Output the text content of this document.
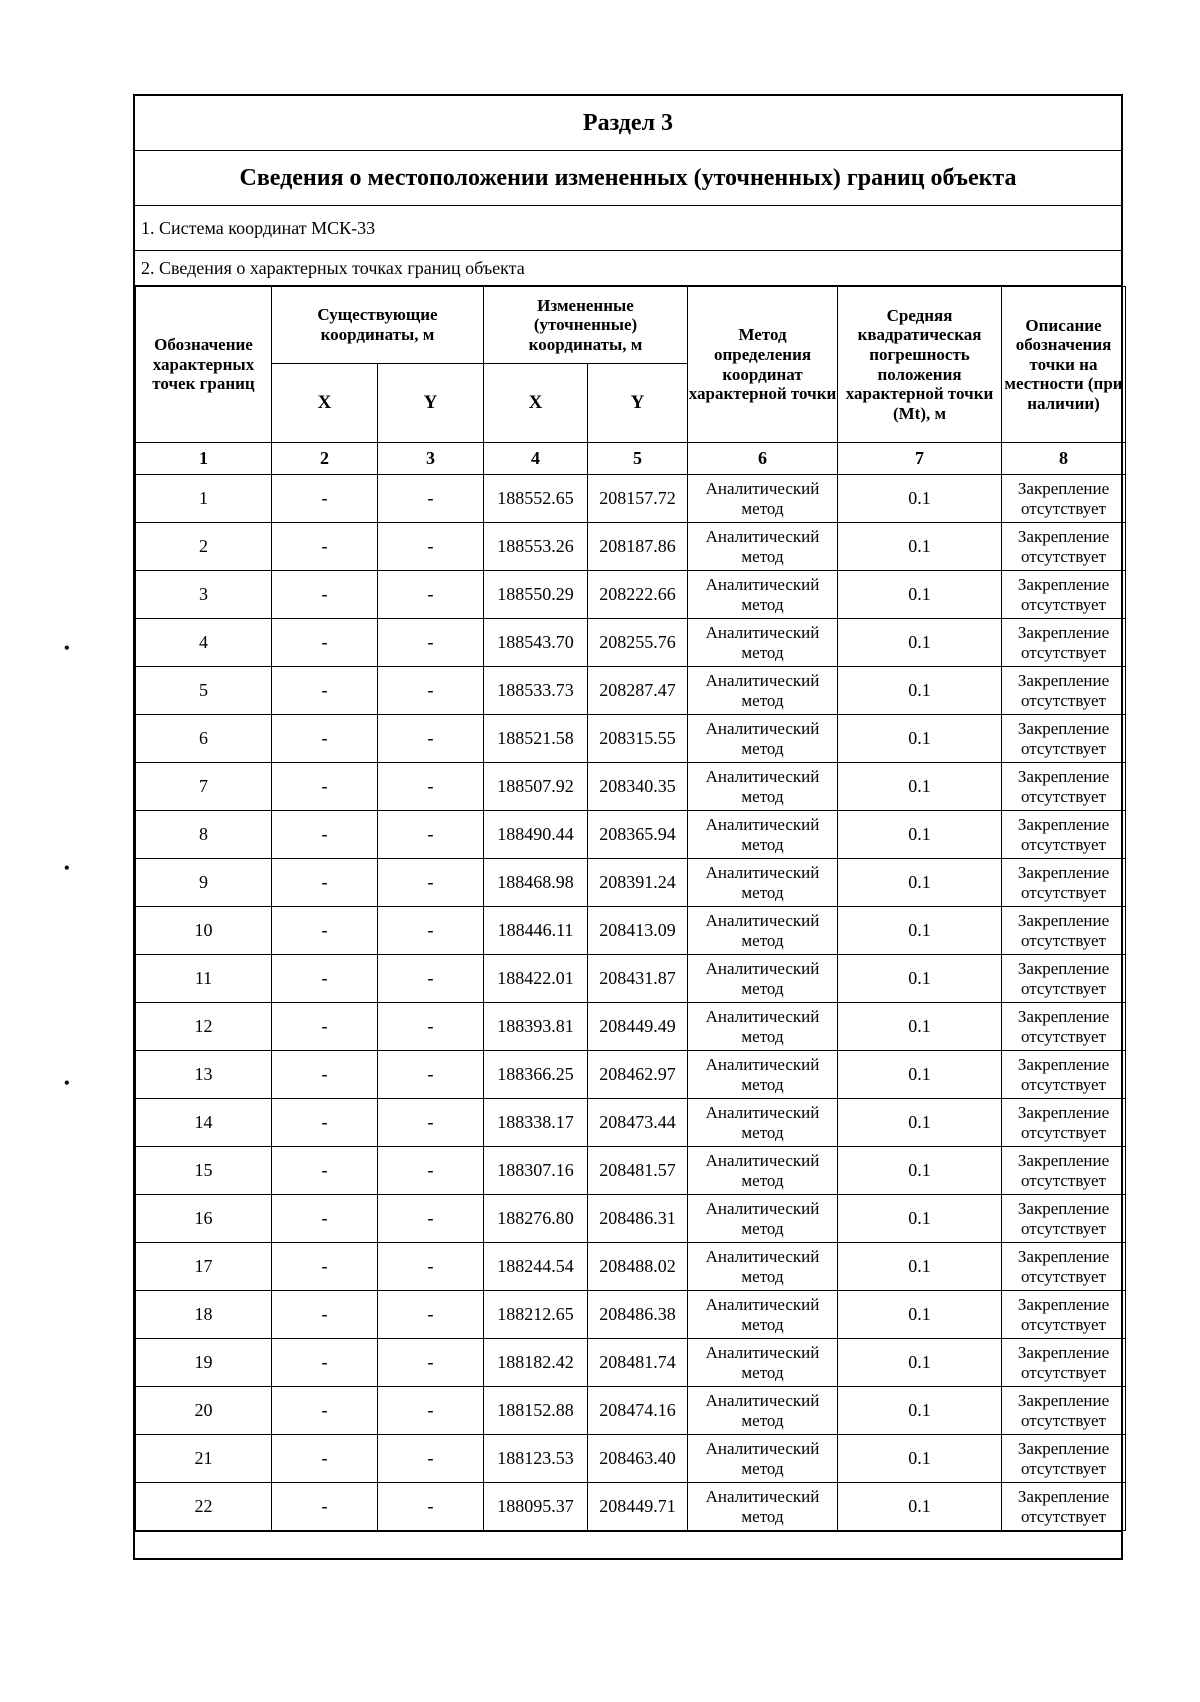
•
•
•
Раздел 3
Сведения о местоположении измененных (уточненных) границ объекта
1. Система координат МСК-33
2. Сведения о характерных точках границ объекта
Обозначение характерных точек границ	Существующие координаты, м		Измененные (уточненные) координаты, м		Метод определения координат характерной точки	Средняя квадратическая погрешность положения характерной точки (Mt), м	Описание обозначения точки на местности (при наличии)
	X	Y	X	Y			
1	2	3	4	5	6	7	8
1	-	-	188552.65	208157.72	Аналитический метод	0.1	Закрепление отсутствует
2	-	-	188553.26	208187.86	Аналитический метод	0.1	Закрепление отсутствует
3	-	-	188550.29	208222.66	Аналитический метод	0.1	Закрепление отсутствует
4	-	-	188543.70	208255.76	Аналитический метод	0.1	Закрепление отсутствует
5	-	-	188533.73	208287.47	Аналитический метод	0.1	Закрепление отсутствует
6	-	-	188521.58	208315.55	Аналитический метод	0.1	Закрепление отсутствует
7	-	-	188507.92	208340.35	Аналитический метод	0.1	Закрепление отсутствует
8	-	-	188490.44	208365.94	Аналитический метод	0.1	Закрепление отсутствует
9	-	-	188468.98	208391.24	Аналитический метод	0.1	Закрепление отсутствует
10	-	-	188446.11	208413.09	Аналитический метод	0.1	Закрепление отсутствует
11	-	-	188422.01	208431.87	Аналитический метод	0.1	Закрепление отсутствует
12	-	-	188393.81	208449.49	Аналитический метод	0.1	Закрепление отсутствует
13	-	-	188366.25	208462.97	Аналитический метод	0.1	Закрепление отсутствует
14	-	-	188338.17	208473.44	Аналитический метод	0.1	Закрепление отсутствует
15	-	-	188307.16	208481.57	Аналитический метод	0.1	Закрепление отсутствует
16	-	-	188276.80	208486.31	Аналитический метод	0.1	Закрепление отсутствует
17	-	-	188244.54	208488.02	Аналитический метод	0.1	Закрепление отсутствует
18	-	-	188212.65	208486.38	Аналитический метод	0.1	Закрепление отсутствует
19	-	-	188182.42	208481.74	Аналитический метод	0.1	Закрепление отсутствует
20	-	-	188152.88	208474.16	Аналитический метод	0.1	Закрепление отсутствует
21	-	-	188123.53	208463.40	Аналитический метод	0.1	Закрепление отсутствует
22	-	-	188095.37	208449.71	Аналитический метод	0.1	Закрепление отсутствует
